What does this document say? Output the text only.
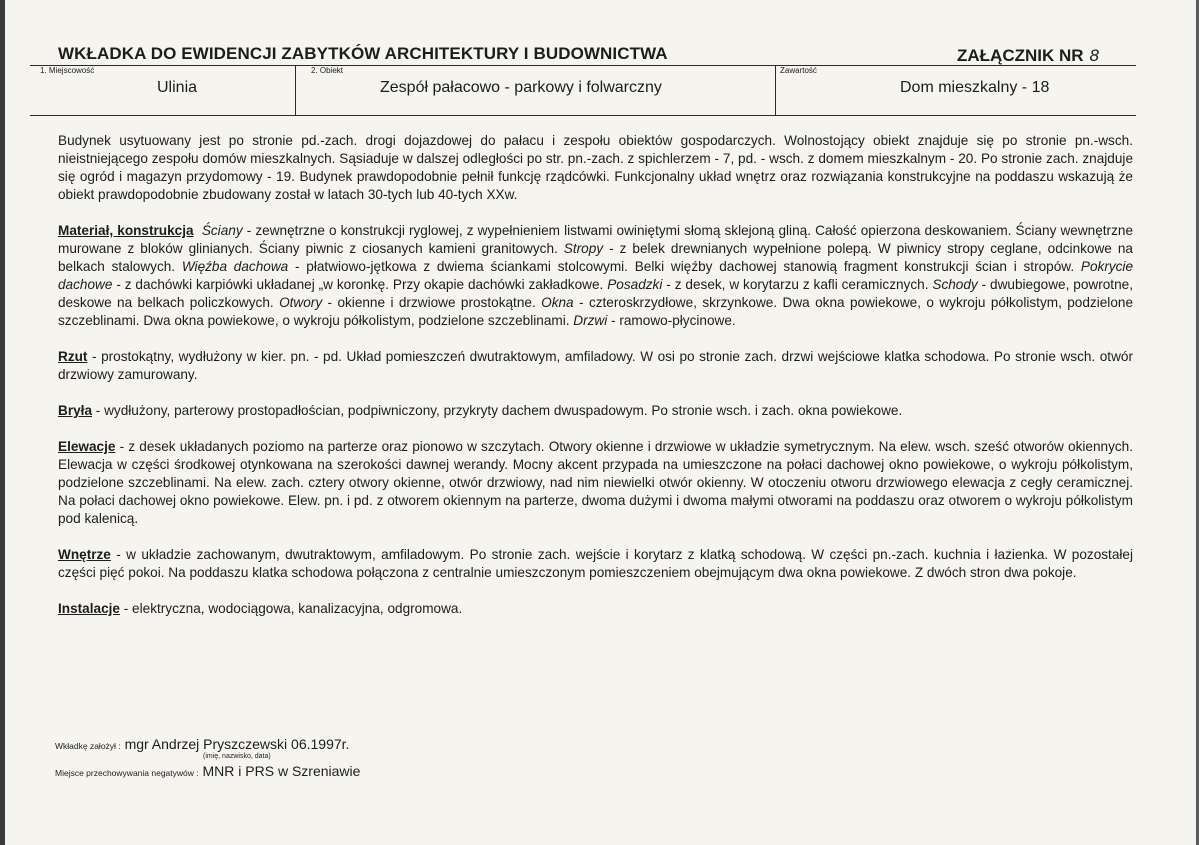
WKŁADKA DO EWIDENCJI ZABYTKÓW ARCHITEKTURY I BUDOWNICTWA	ZAŁĄCZNIK NR 8
1. Miejscowość
Ulinia
2. Obiekt
Zespół pałacowo - parkowy i folwarczny
Zawartość
Dom mieszkalny - 18

Budynek usytuowany jest po stronie pd.-zach. drogi dojazdowej do pałacu i zespołu obiektów gospodarczych. Wolnostojący obiekt znajduje się po stronie pn.-wsch. nieistniejącego zespołu domów mieszkalnych. Sąsiaduje w dalszej odległości po str. pn.-zach. z spichlerzem - 7, pd. - wsch. z domem mieszkalnym - 20. Po stronie zach. znajduje się ogród i magazyn przydomowy - 19. Budynek prawdopodobnie pełnił funkcję rządcówki. Funkcjonalny układ wnętrz oraz rozwiązania konstrukcyjne na poddaszu wskazują że obiekt prawdopodobnie zbudowany został w latach 30-tych lub 40-tych XXw.

Materiał, konstrukcja Ściany - zewnętrzne o konstrukcji ryglowej, z wypełnieniem listwami owiniętymi słomą sklejoną gliną. Całość opierzona deskowaniem. Ściany wewnętrzne murowane z bloków glinianych. Ściany piwnic z ciosanych kamieni granitowych. Stropy - z belek drewnianych wypełnione polepą. W piwnicy stropy ceglane, odcinkowe na belkach stalowych. Więźba dachowa - płatwiowo-jętkowa z dwiema ściankami stolcowymi. Belki więźby dachowej stanowią fragment konstrukcji ścian i stropów. Pokrycie dachowe - z dachówki karpiówki układanej „w koronkę. Przy okapie dachówki zakładkowe. Posadzki - z desek, w korytarzu z kafli ceramicznych. Schody - dwubiegowe, powrotne, deskowe na belkach policzkowych. Otwory - okienne i drzwiowe prostokątne. Okna - czteroskrzydłowe, skrzynkowe. Dwa okna powiekowe, o wykroju półkolistym, podzielone szczeblinami. Dwa okna powiekowe, o wykroju półkolistym, podzielone szczeblinami. Drzwi - ramowo-płycinowe.

Rzut - prostokątny, wydłużony w kier. pn. - pd. Układ pomieszczeń dwutraktowym, amfiladowy. W osi po stronie zach. drzwi wejściowe klatka schodowa. Po stronie wsch. otwór drzwiowy zamurowany.

Bryła - wydłużony, parterowy prostopadłościan, podpiwniczony, przykryty dachem dwuspadowym. Po stronie wsch. i zach. okna powiekowe.

Elewacje - z desek układanych poziomo na parterze oraz pionowo w szczytach. Otwory okienne i drzwiowe w układzie symetrycznym. Na elew. wsch. sześć otworów okiennych. Elewacja w części środkowej otynkowana na szerokości dawnej werandy. Mocny akcent przypada na umieszczone na połaci dachowej okno powiekowe, o wykroju półkolistym, podzielone szczeblinami. Na elew. zach. cztery otwory okienne, otwór drzwiowy, nad nim niewielki otwór okienny. W otoczeniu otworu drzwiowego elewacja z cegły ceramicznej. Na połaci dachowej okno powiekowe. Elew. pn. i pd. z otworem okiennym na parterze, dwoma dużymi i dwoma małymi otworami na poddaszu oraz otworem o wykroju półkolistym pod kalenicą.

Wnętrze - w układzie zachowanym, dwutraktowym, amfiladowym. Po stronie zach. wejście i korytarz z klatką schodową. W części pn.-zach. kuchnia i łazienka. W pozostałej części pięć pokoi. Na poddaszu klatka schodowa połączona z centralnie umieszczonym pomieszczeniem obejmującym dwa okna powiekowe. Z dwóch stron dwa pokoje.

Instalacje - elektryczna, wodociągowa, kanalizacyjna, odgromowa.

Wkładkę założył : mgr Andrzej Pryszczewski 06.1997r.
(imię, nazwisko, data)
Miejsce przechowywania negatywów : MNR i PRS w Szreniawie
